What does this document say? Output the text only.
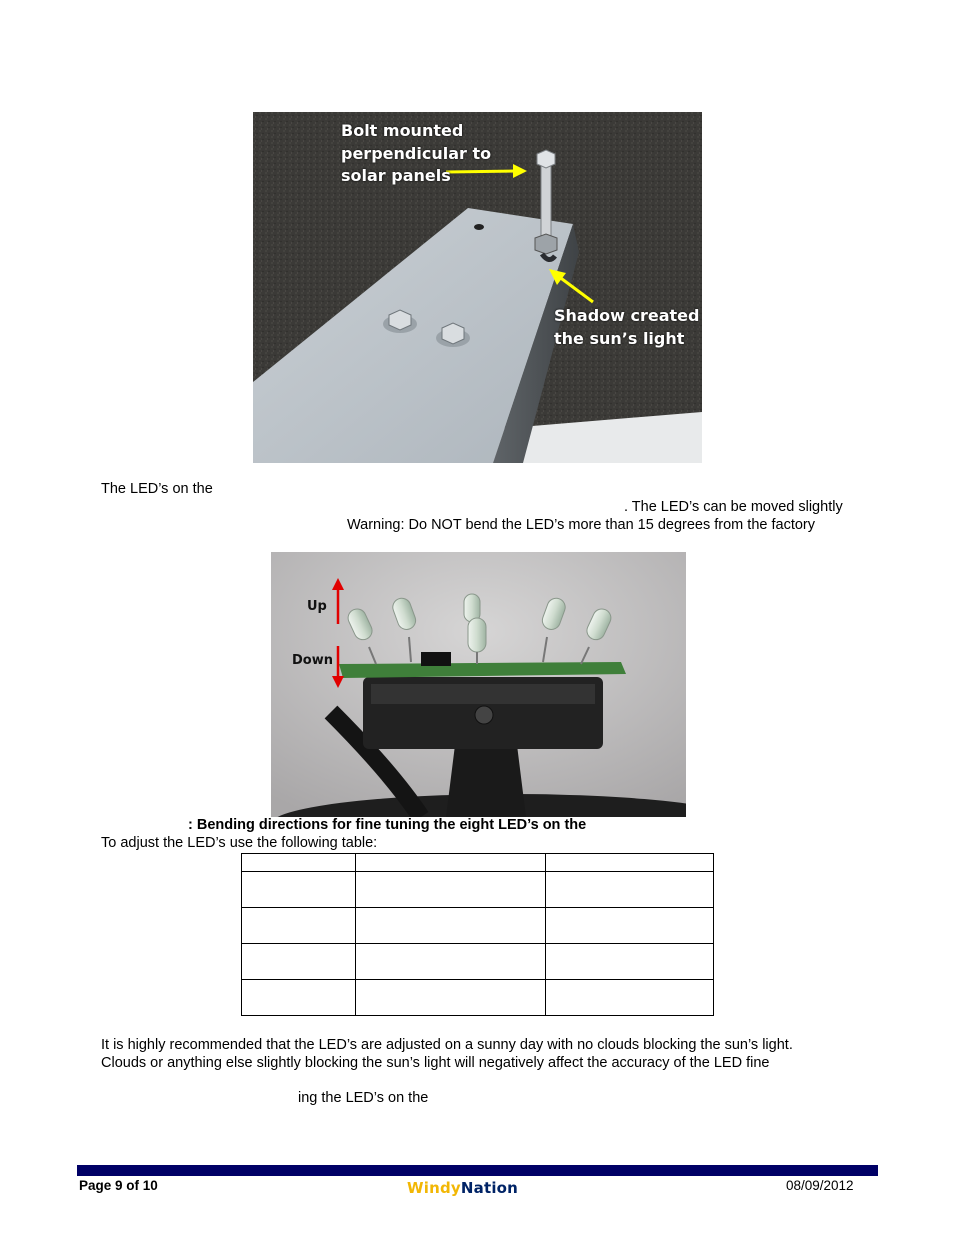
Bolt mounted
perpendicular to
solar panels
Shadow created
the sun’s light
The LED’s on the
. The LED’s can be moved slightly
Warning: Do NOT bend the LED’s more than 15 degrees from the factory
Up
Down
: Bending directions for fine tuning the eight LED’s on the
To adjust the LED’s use the following table:

It is highly recommended that the LED’s are adjusted on a sunny day with no clouds blocking the sun’s light.
Clouds or anything else slightly blocking the sun’s light will negatively affect the accuracy of the LED fine
ing the LED’s on the
Page 9 of 10	WindyNation	08/09/2012
